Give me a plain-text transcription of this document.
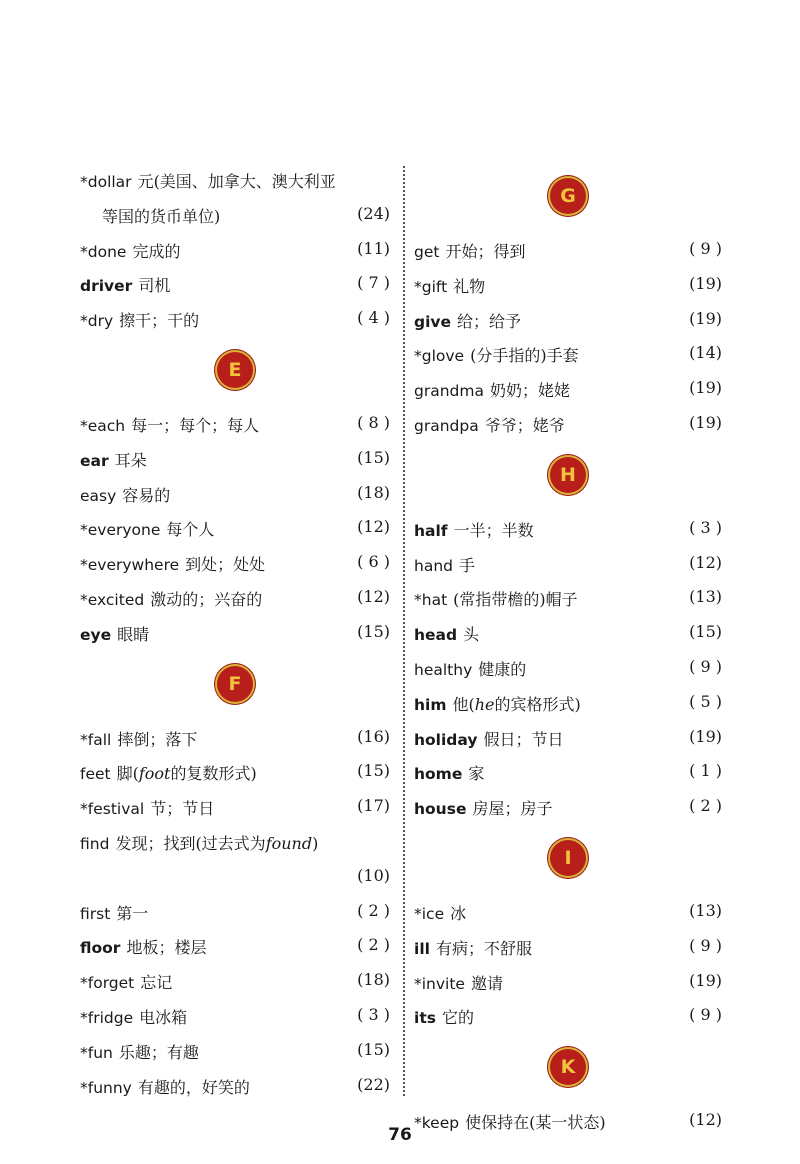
*dollar 元(美国、加拿大、澳大利亚
等国的货币单位)	(24)
*done 完成的	(11)
driver 司机	( 7 )
*dry 擦干；干的	( 4 )
E
*each 每一；每个；每人	( 8 )
ear 耳朵	(15)
easy 容易的	(18)
*everyone 每个人	(12)
*everywhere 到处；处处	( 6 )
*excited 激动的；兴奋的	(12)
eye 眼睛	(15)
F
*fall 摔倒；落下	(16)
feet 脚(foot的复数形式)	(15)
*festival 节；节日	(17)
find 发现；找到(过去式为found)
(10)
first 第一	( 2 )
floor 地板；楼层	( 2 )
*forget 忘记	(18)
*fridge 电冰箱	( 3 )
*fun 乐趣；有趣	(15)
*funny 有趣的，好笑的	(22)
G
get 开始；得到	( 9 )
*gift 礼物	(19)
give 给；给予	(19)
*glove (分手指的)手套	(14)
grandma 奶奶；姥姥	(19)
grandpa 爷爷；姥爷	(19)
H
half 一半；半数	( 3 )
hand 手	(12)
*hat (常指带檐的)帽子	(13)
head 头	(15)
healthy 健康的	( 9 )
him 他(he的宾格形式)	( 5 )
holiday 假日；节日	(19)
home 家	( 1 )
house 房屋；房子	( 2 )
I
*ice 冰	(13)
ill 有病；不舒服	( 9 )
*invite 邀请	(19)
its 它的	( 9 )
K
*keep 使保持在(某一状态)	(12)
76
